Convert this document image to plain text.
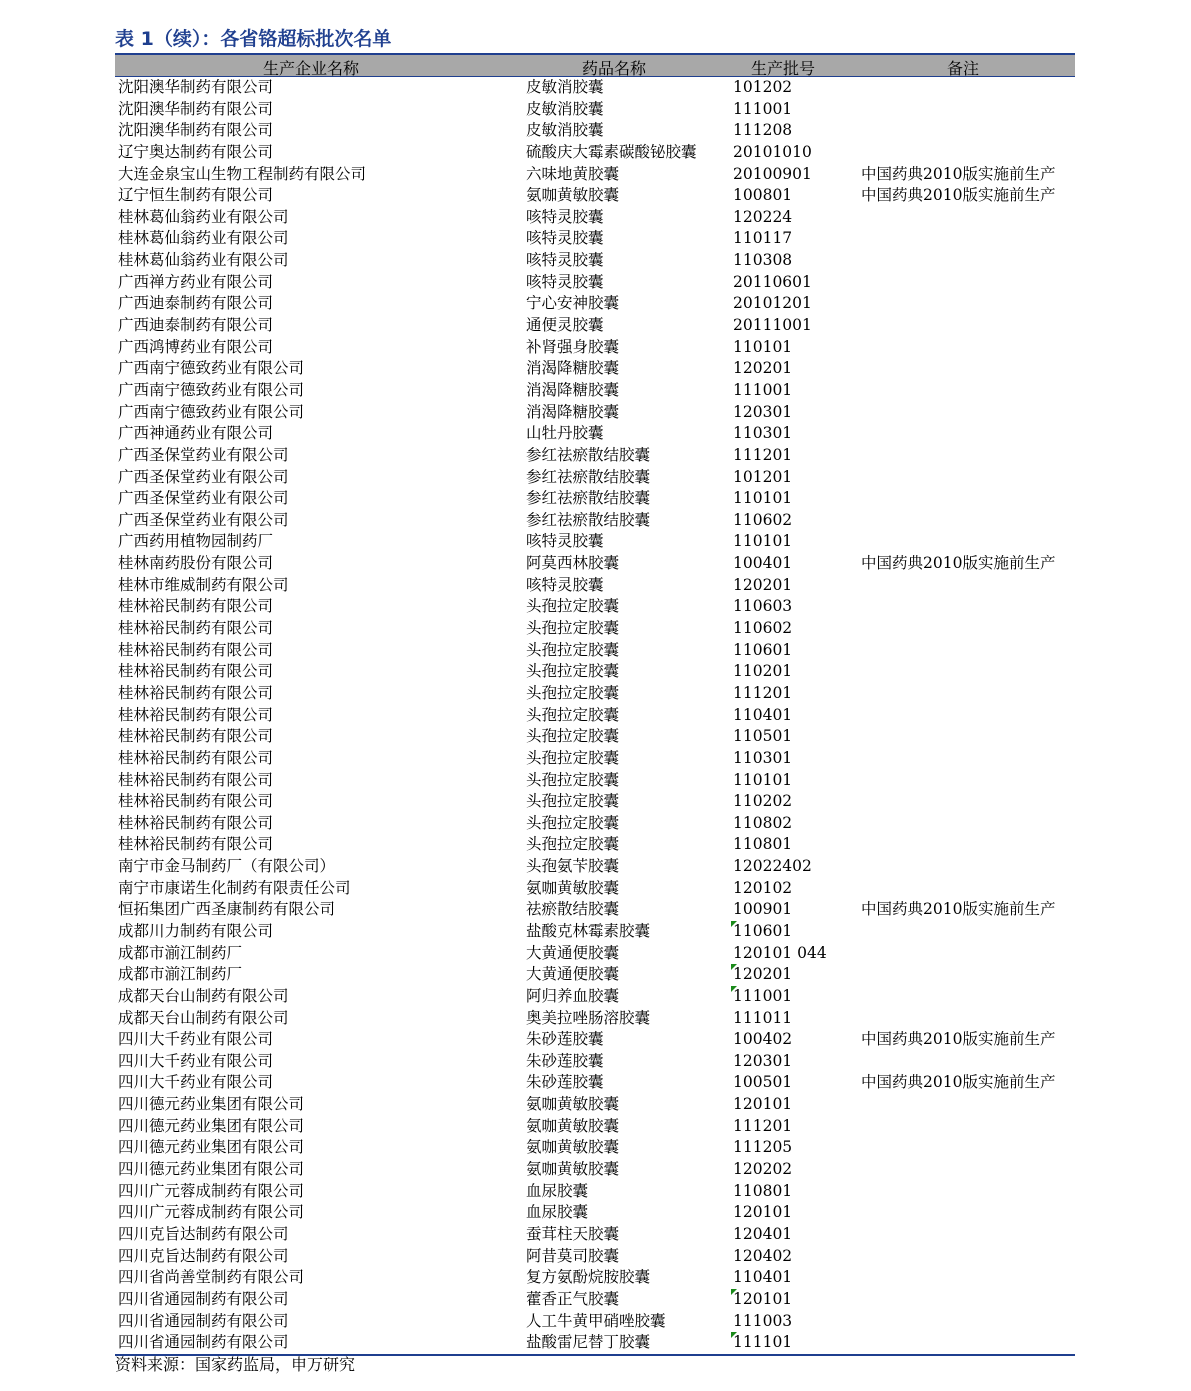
表 1（续）：各省铬超标批次名单
生产企业名称	药品名称	生产批号	备注
沈阳澳华制药有限公司	皮敏消胶囊	101202
沈阳澳华制药有限公司	皮敏消胶囊	111001
沈阳澳华制药有限公司	皮敏消胶囊	111208
辽宁奥达制药有限公司	硫酸庆大霉素碳酸铋胶囊 20101010
大连金泉宝山生物工程制药有限公司	六味地黄胶囊	20100901	中国药典2010版实施前生产
辽宁恒生制药有限公司	氨咖黄敏胶囊	100801	中国药典2010版实施前生产
桂林葛仙翁药业有限公司	咳特灵胶囊	120224
桂林葛仙翁药业有限公司	咳特灵胶囊	110117
桂林葛仙翁药业有限公司	咳特灵胶囊	110308
广西禅方药业有限公司	咳特灵胶囊	20110601
广西迪泰制药有限公司	宁心安神胶囊	20101201
广西迪泰制药有限公司	通便灵胶囊	20111001
广西鸿博药业有限公司	补肾强身胶囊	110101
广西南宁德致药业有限公司	消渴降糖胶囊	120201
广西南宁德致药业有限公司	消渴降糖胶囊	111001
广西南宁德致药业有限公司	消渴降糖胶囊	120301
广西神通药业有限公司	山牡丹胶囊	110301
广西圣保堂药业有限公司	参红祛瘀散结胶囊	111201
广西圣保堂药业有限公司	参红祛瘀散结胶囊	101201
广西圣保堂药业有限公司	参红祛瘀散结胶囊	110101
广西圣保堂药业有限公司	参红祛瘀散结胶囊	110602
广西药用植物园制药厂	咳特灵胶囊	110101
桂林南药股份有限公司	阿莫西林胶囊	100401	中国药典2010版实施前生产
桂林市维威制药有限公司	咳特灵胶囊	120201
桂林裕民制药有限公司	头孢拉定胶囊	110603
桂林裕民制药有限公司	头孢拉定胶囊	110602
桂林裕民制药有限公司	头孢拉定胶囊	110601
桂林裕民制药有限公司	头孢拉定胶囊	110201
桂林裕民制药有限公司	头孢拉定胶囊	111201
桂林裕民制药有限公司	头孢拉定胶囊	110401
桂林裕民制药有限公司	头孢拉定胶囊	110501
桂林裕民制药有限公司	头孢拉定胶囊	110301
桂林裕民制药有限公司	头孢拉定胶囊	110101
桂林裕民制药有限公司	头孢拉定胶囊	110202
桂林裕民制药有限公司	头孢拉定胶囊	110802
桂林裕民制药有限公司	头孢拉定胶囊	110801
南宁市金马制药厂（有限公司）	头孢氨苄胶囊	12022402
南宁市康诺生化制药有限责任公司	氨咖黄敏胶囊	120102
恒拓集团广西圣康制药有限公司	祛瘀散结胶囊	100901	中国药典2010版实施前生产
成都川力制药有限公司	盐酸克林霉素胶囊	110601
成都市湔江制药厂	大黄通便胶囊	120101 044
成都市湔江制药厂	大黄通便胶囊	120201
成都天台山制药有限公司	阿归养血胶囊	111001
成都天台山制药有限公司	奥美拉唑肠溶胶囊	111011
四川大千药业有限公司	朱砂莲胶囊	100402	中国药典2010版实施前生产
四川大千药业有限公司	朱砂莲胶囊	120301
四川大千药业有限公司	朱砂莲胶囊	100501	中国药典2010版实施前生产
四川德元药业集团有限公司	氨咖黄敏胶囊	120101
四川德元药业集团有限公司	氨咖黄敏胶囊	111201
四川德元药业集团有限公司	氨咖黄敏胶囊	111205
四川德元药业集团有限公司	氨咖黄敏胶囊	120202
四川广元蓉成制药有限公司	血尿胶囊	110801
四川广元蓉成制药有限公司	血尿胶囊	120101
四川克旨达制药有限公司	蚕茸柱天胶囊	120401
四川克旨达制药有限公司	阿昔莫司胶囊	120402
四川省尚善堂制药有限公司	复方氨酚烷胺胶囊	110401
四川省通园制药有限公司	藿香正气胶囊	120101
四川省通园制药有限公司	人工牛黄甲硝唑胶囊	111003
四川省通园制药有限公司	盐酸雷尼替丁胶囊	111101
资料来源：国家药监局，申万研究
